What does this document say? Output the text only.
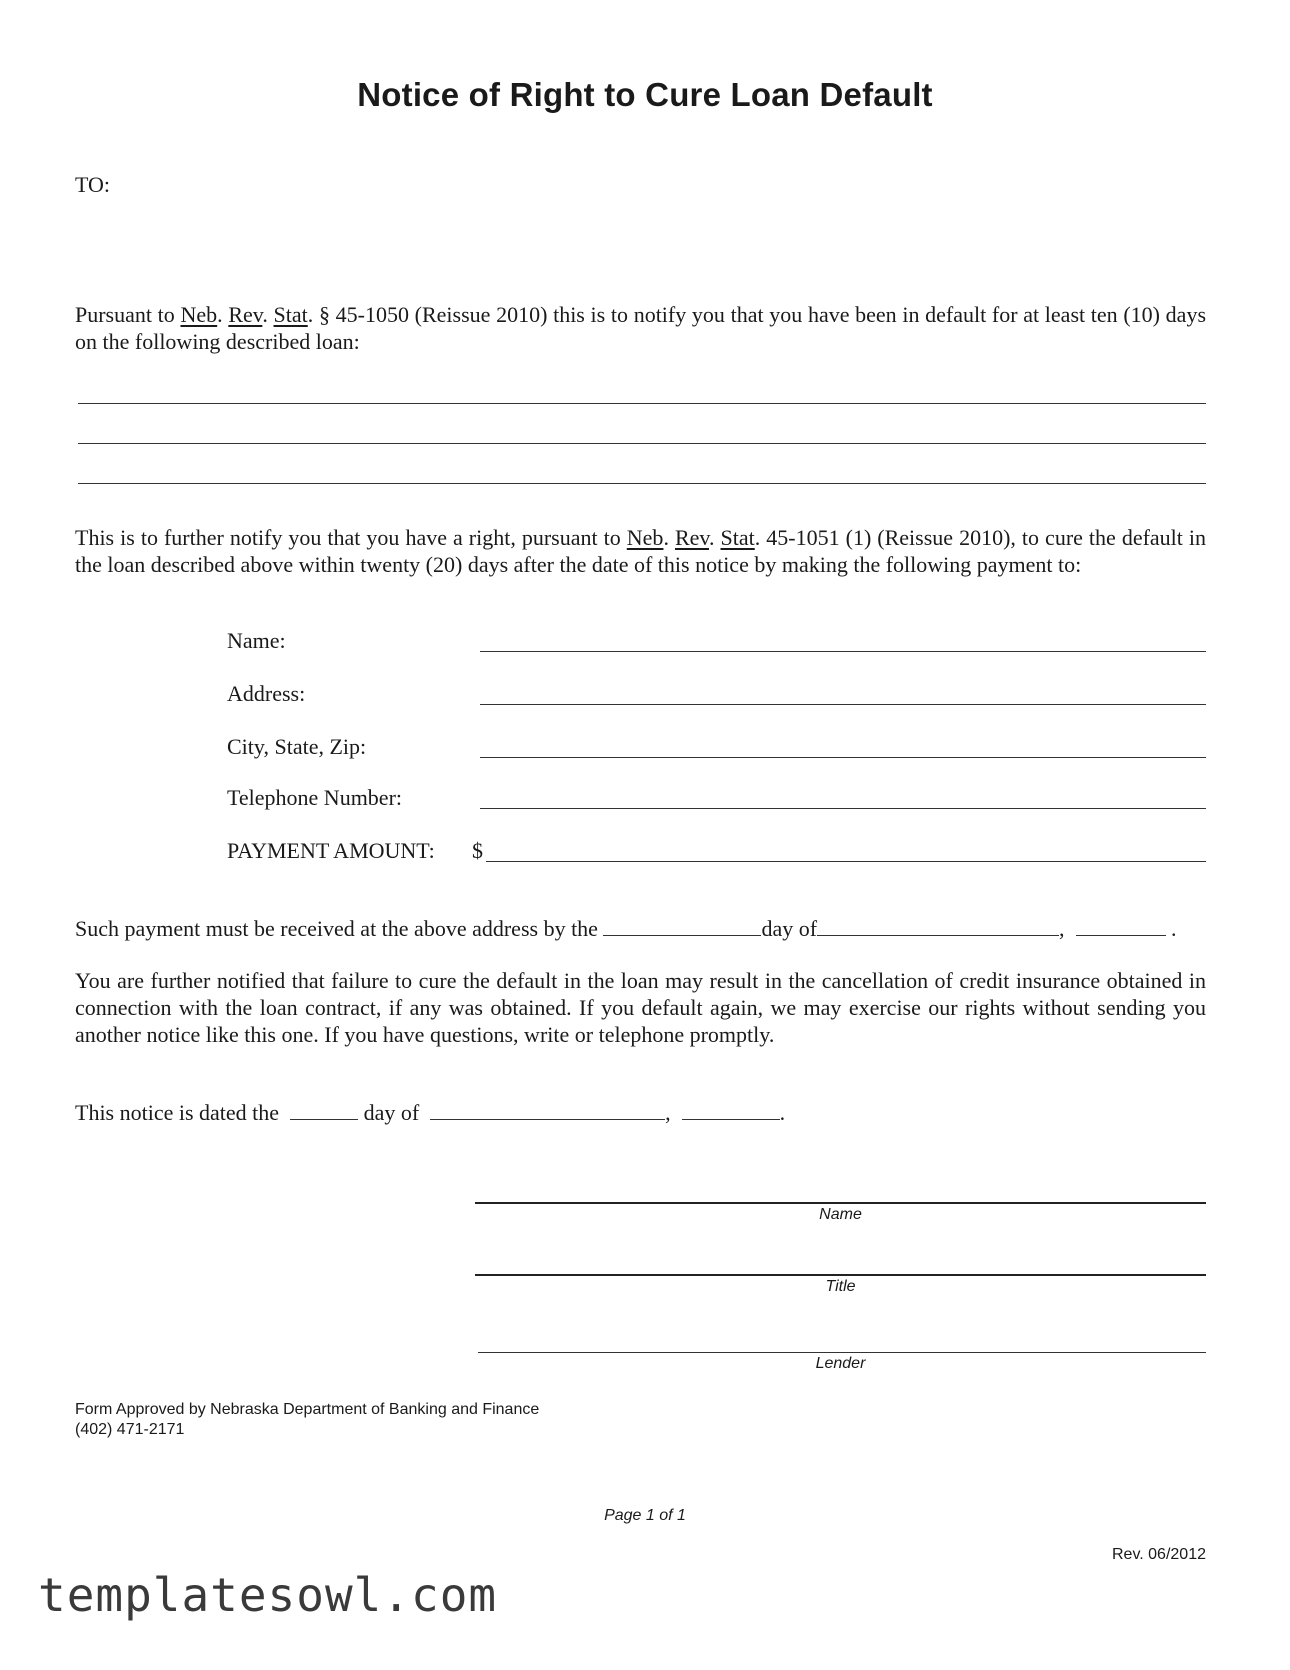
Notice of Right to Cure Loan Default
TO:
Pursuant to Neb. Rev. Stat. § 45-1050 (Reissue 2010) this is to notify you that you have been in default for at least ten (10) days on the following described loan:
This is to further notify you that you have a right, pursuant to Neb. Rev. Stat. 45-1051 (1) (Reissue 2010), to cure the default in the loan described above within twenty (20) days after the date of this notice by making the following payment to:
Name:
Address:
City, State, Zip:
Telephone Number:
PAYMENT AMOUNT: $
Such payment must be received at the above address by the	day of	,	.
You are further notified that failure to cure the default in the loan may result in the cancellation of credit insurance obtained in connection with the loan contract, if any was obtained. If you default again, we may exercise our rights without sending you another notice like this one. If you have questions, write or telephone promptly.
This notice is dated the	day of	,	.
Name
Title
Lender
Form Approved by Nebraska Department of Banking and Finance
(402) 471-2171
Page 1 of 1
Rev. 06/2012
templatesowl.com
